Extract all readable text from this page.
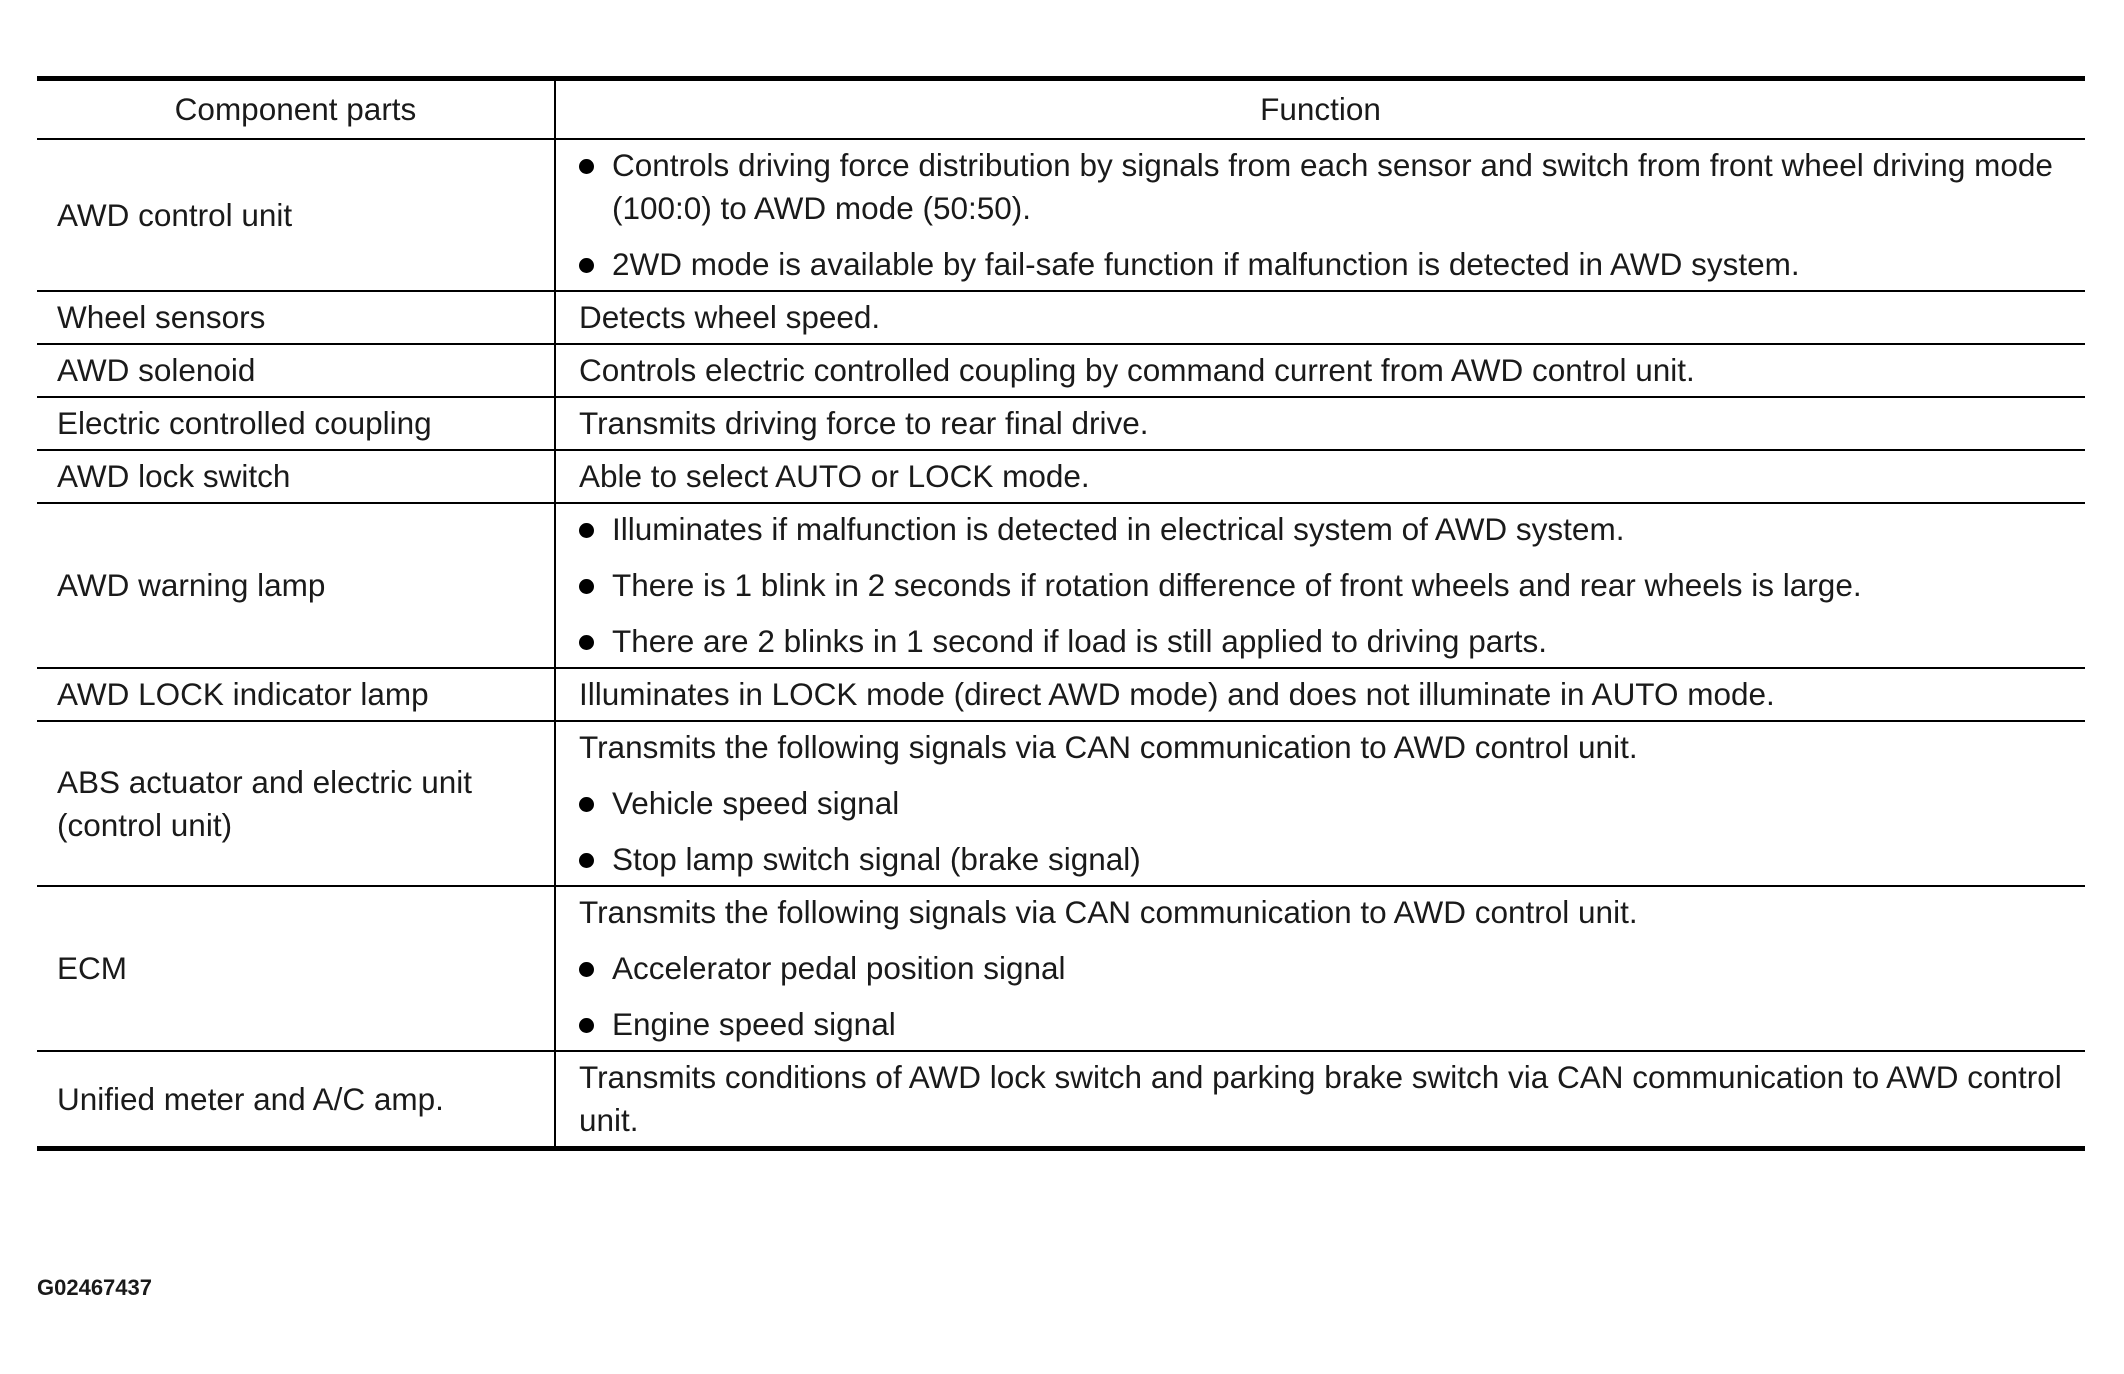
Component parts	Function
AWD control unit	Controls driving force distribution by signals from each sensor and switch from front wheel driving mode (100:0) to AWD mode (50:50).
2WD mode is available by fail-safe function if malfunction is detected in AWD system.

Wheel sensors	Detects wheel speed.

AWD solenoid	Controls electric controlled coupling by command current from AWD control unit.

Electric controlled coupling	Transmits driving force to rear final drive.

AWD lock switch	Able to select AUTO or LOCK mode.

AWD warning lamp	Illuminates if malfunction is detected in electrical system of AWD system.
There is 1 blink in 2 seconds if rotation difference of front wheels and rear wheels is large.
There are 2 blinks in 1 second if load is still applied to driving parts.

AWD LOCK indicator lamp	Illuminates in LOCK mode (direct AWD mode) and does not illuminate in AUTO mode.

ABS actuator and electric unit (control unit)	Transmits the following signals via CAN communication to AWD control unit.
Vehicle speed signal
Stop lamp switch signal (brake signal)

ECM	Transmits the following signals via CAN communication to AWD control unit.
Accelerator pedal position signal
Engine speed signal

Unified meter and A/C amp.	Transmits conditions of AWD lock switch and parking brake switch via CAN communication to AWD control unit.
G02467437
